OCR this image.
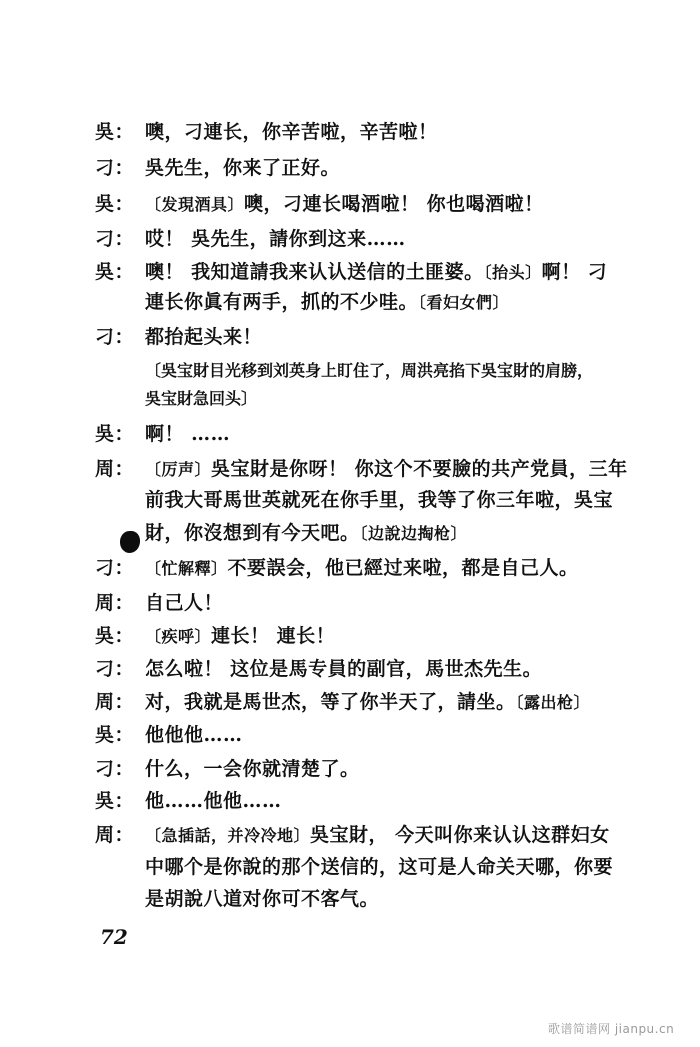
吳： 噢，刁連长，你辛苦啦，辛苦啦！
刁： 吳先生，你来了正好。
吳： 〔发現酒具〕噢，刁連长喝酒啦！ 你也喝酒啦！
刁： 哎！ 吳先生，請你到这来……
吳： 噢！ 我知道請我来认认送信的土匪婆。〔抬头〕啊！ 刁
連长你眞有两手，抓的不少哇。〔看妇女們〕
刁： 都抬起头来！
〔吳宝財目光移到刘英身上盯住了，周洪亮掐下吳宝財的肩膀，
吳宝財急回头〕
吳： 啊！ ……
周： 〔厉声〕吳宝財是你呀！ 你这个不要臉的共产党員，三年
前我大哥馬世英就死在你手里，我等了你三年啦，吳宝
財，你沒想到有今天吧。〔边說边掏枪〕
刁： 〔忙解釋〕不要誤会，他已經过来啦，都是自己人。
周： 自己人！
吳： 〔疾呼〕連长！ 連长！
刁： 怎么啦！ 这位是馬专員的副官，馬世杰先生。
周： 对，我就是馬世杰，等了你半天了，請坐。〔露出枪〕
吳： 他他他……
刁： 什么，一会你就清楚了。
吳： 他……他他……
周： 〔急插話，并冷冷地〕吳宝財， 今天叫你来认认这群妇女
中哪个是你說的那个送信的，这可是人命关天哪，你要
是胡說八道对你可不客气。
72
歌谱简谱网 jianpu.cn
